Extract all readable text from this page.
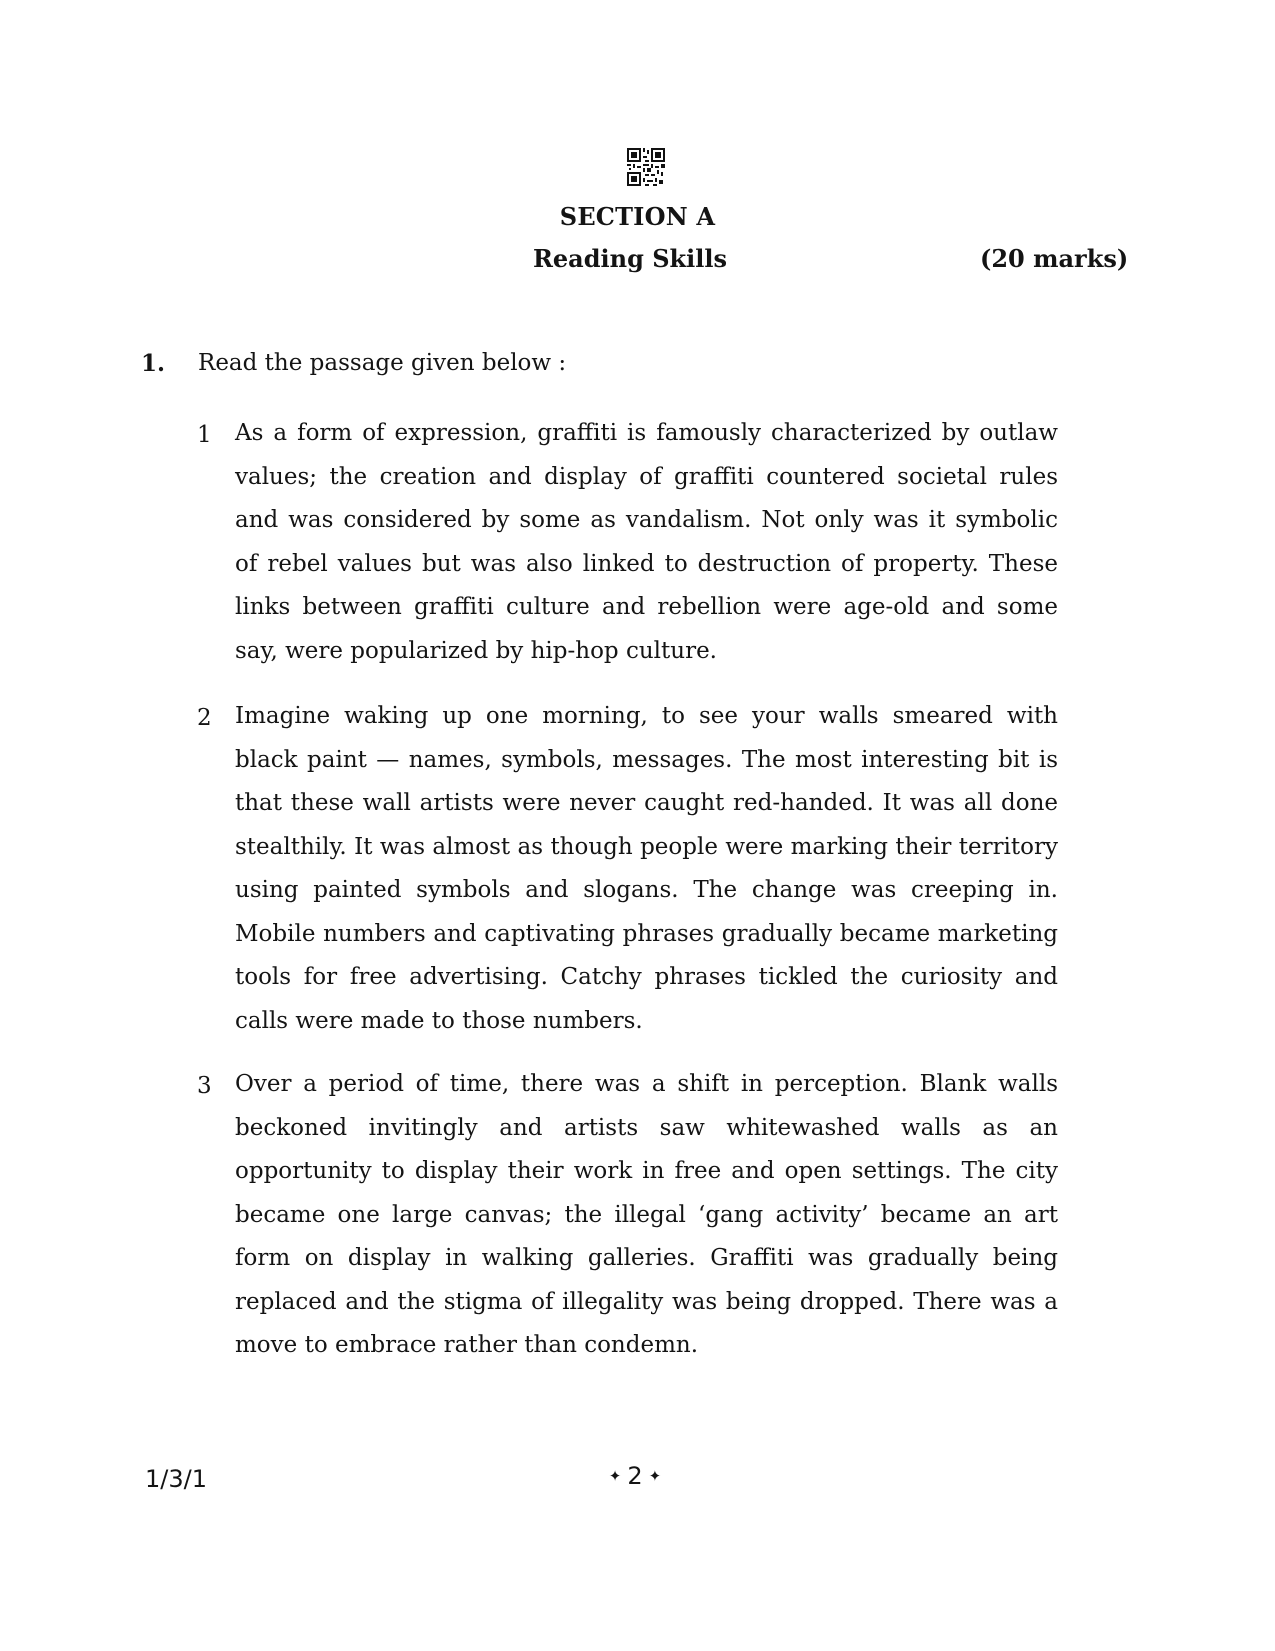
SECTION A
Reading Skills	(20 marks)
1. Read the passage given below :
1 As a form of expression, graffiti is famously characterized by outlaw values; the creation and display of graffiti countered societal rules and was considered by some as vandalism. Not only was it symbolic of rebel values but was also linked to destruction of property. These links between graffiti culture and rebellion were age-old and some say, were popularized by hip-hop culture.

2 Imagine waking up one morning, to see your walls smeared with black paint — names, symbols, messages. The most interesting bit is that these wall artists were never caught red-handed. It was all done stealthily. It was almost as though people were marking their territory using painted symbols and slogans. The change was creeping in. Mobile numbers and captivating phrases gradually became marketing tools for free advertising. Catchy phrases tickled the curiosity and calls were made to those numbers.

3 Over a period of time, there was a shift in perception. Blank walls beckoned invitingly and artists saw whitewashed walls as an opportunity to display their work in free and open settings. The city became one large canvas; the illegal ‘gang activity’ became an art form on display in walking galleries. Graffiti was gradually being replaced and the stigma of illegality was being dropped. There was a move to embrace rather than condemn.

1/3/1	✦ 2 ✦
